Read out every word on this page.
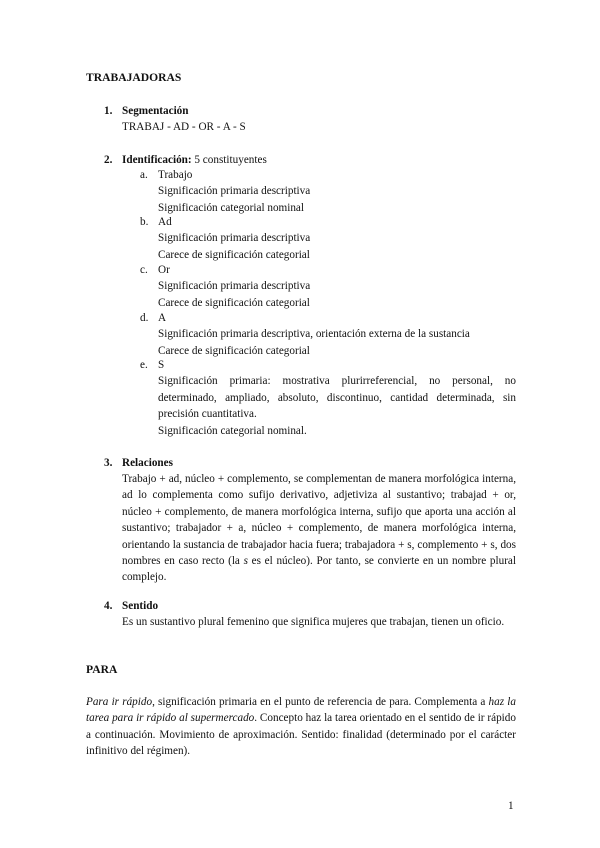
TRABAJADORAS
1. Segmentación
TRABAJ - AD - OR - A - S
2. Identificación: 5 constituyentes
a. Trabajo
Significación primaria descriptiva
Significación categorial nominal
b. Ad
Significación primaria descriptiva
Carece de significación categorial
c. Or
Significación primaria descriptiva
Carece de significación categorial
d. A
Significación primaria descriptiva, orientación externa de la sustancia
Carece de significación categorial
e. S
Significación primaria: mostrativa plurirreferencial, no personal, no determinado, ampliado, absoluto, discontinuo, cantidad determinada, sin precisión cuantitativa.
Significación categorial nominal.
3. Relaciones
Trabajo + ad, núcleo + complemento, se complementan de manera morfológica interna, ad lo complementa como sufijo derivativo, adjetiviza al sustantivo; trabajad + or, núcleo + complemento, de manera morfológica interna, sufijo que aporta una acción al sustantivo; trabajador + a, núcleo + complemento, de manera morfológica interna, orientando la sustancia de trabajador hacia fuera; trabajadora + s, complemento + s, dos nombres en caso recto (la s es el núcleo). Por tanto, se convierte en un nombre plural complejo.
4. Sentido
Es un sustantivo plural femenino que significa mujeres que trabajan, tienen un oficio.
PARA
Para ir rápido, significación primaria en el punto de referencia de para. Complementa a haz la tarea para ir rápido al supermercado. Concepto haz la tarea orientado en el sentido de ir rápido a continuación. Movimiento de aproximación. Sentido: finalidad (determinado por el carácter infinitivo del régimen).
1
